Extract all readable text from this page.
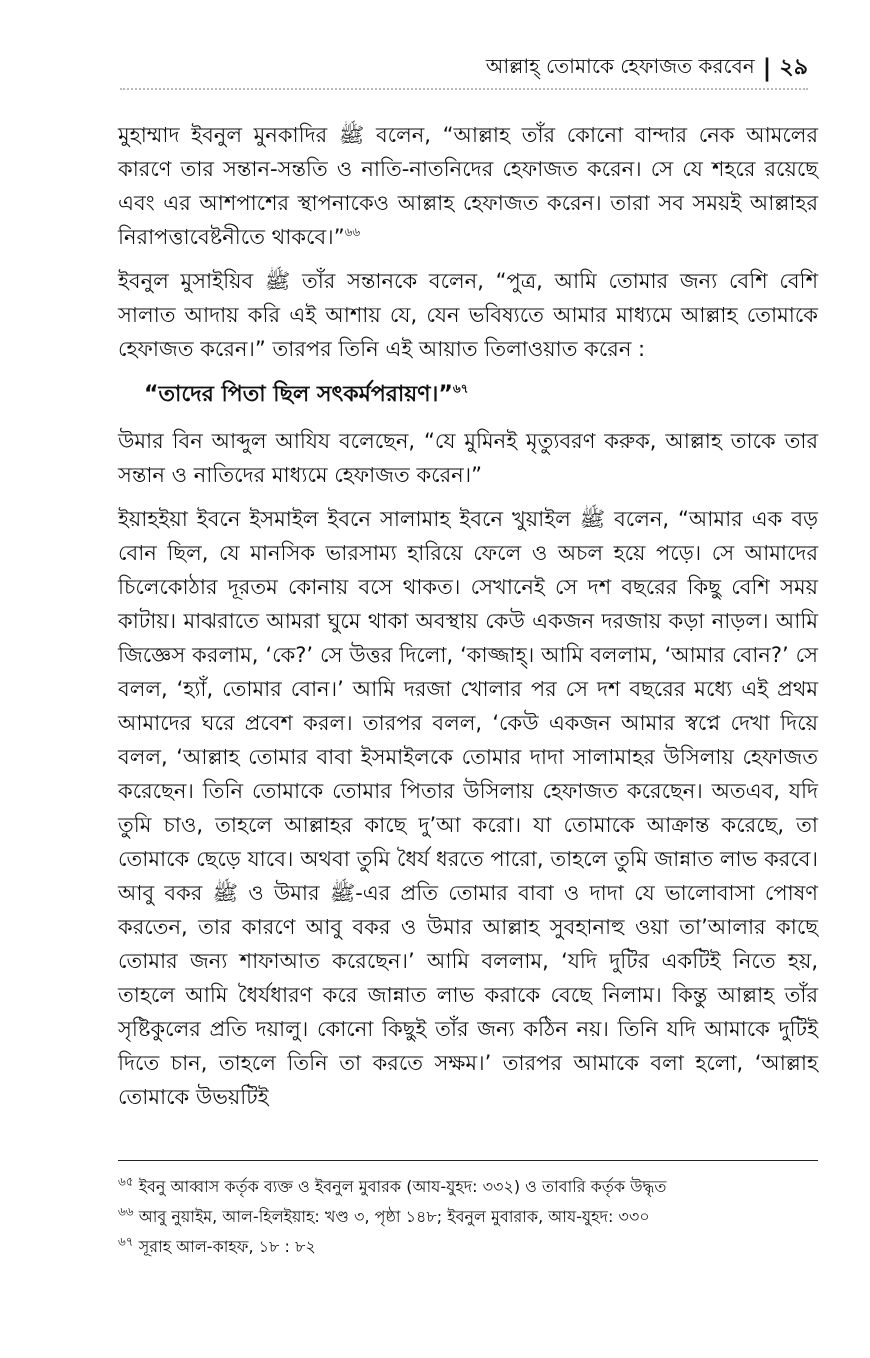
আল্লাহ্ তোমাকে হেফাজত করবেন | ২৯

মুহাম্মাদ ইবনুল মুনকাদির ﷺ বলেন, “আল্লাহ তাঁর কোনো বান্দার নেক আমলের কারণে তার সন্তান-সন্ততি ও নাতি-নাতনিদের হেফাজত করেন। সে যে শহরে রয়েছে এবং এর আশপাশের স্থাপনাকেও আল্লাহ হেফাজত করেন। তারা সব সময়ই আল্লাহর নিরাপত্তাবেষ্টনীতে থাকবে।”$^{৬৬}$

ইবনুল মুসাইয়িব ﷺ তাঁর সন্তানকে বলেন, “পুত্র, আমি তোমার জন্য বেশি বেশি সালাত আদায় করি এই আশায় যে, যেন ভবিষ্যতে আমার মাধ্যমে আল্লাহ তোমাকে হেফাজত করেন।” তারপর তিনি এই আয়াত তিলাওয়াত করেন :

“তাদের পিতা ছিল সৎকর্মপরায়ণ।”$^{৬৭}$

উমার বিন আব্দুল আযিয বলেছেন, “যে মুমিনই মৃত্যুবরণ করুক, আল্লাহ তাকে তার সন্তান ও নাতিদের মাধ্যমে হেফাজত করেন।”

ইয়াহইয়া ইবনে ইসমাইল ইবনে সালামাহ ইবনে খুয়াইল ﷺ বলেন, “আমার এক বড় বোন ছিল, যে মানসিক ভারসাম্য হারিয়ে ফেলে ও অচল হয়ে পড়ে। সে আমাদের চিলেকোঠার দূরতম কোনায় বসে থাকত। সেখানেই সে দশ বছরের কিছু বেশি সময় কাটায়। মাঝরাতে আমরা ঘুমে থাকা অবস্থায় কেউ একজন দরজায় কড়া নাড়ল। আমি জিজ্ঞেস করলাম, ‘কে?’ সে উত্তর দিলো, ‘কাজ্জাহ্‌। আমি বললাম, ‘আমার বোন?’ সে বলল, ‘হ্যাঁ, তোমার বোন।’ আমি দরজা খোলার পর সে দশ বছরের মধ্যে এই প্রথম আমাদের ঘরে প্রবেশ করল। তারপর বলল, ‘কেউ একজন আমার স্বপ্নে দেখা দিয়ে বলল, ‘আল্লাহ তোমার বাবা ইসমাইলকে তোমার দাদা সালামাহর উসিলায় হেফাজত করেছেন। তিনি তোমাকে তোমার পিতার উসিলায় হেফাজত করেছেন। অতএব, যদি তুমি চাও, তাহলে আল্লাহর কাছে দু’আ করো। যা তোমাকে আক্রান্ত করেছে, তা তোমাকে ছেড়ে যাবে। অথবা তুমি ধৈর্য ধরতে পারো, তাহলে তুমি জান্নাত লাভ করবে। আবু বকর ﷺ ও উমার ﷺ-এর প্রতি তোমার বাবা ও দাদা যে ভালোবাসা পোষণ করতেন, তার কারণে আবু বকর ও উমার আল্লাহ সুবহানাহু ওয়া তা’আলার কাছে তোমার জন্য শাফাআত করেছেন।’ আমি বললাম, ‘যদি দুটির একটিই নিতে হয়, তাহলে আমি ধৈর্যধারণ করে জান্নাত লাভ করাকে বেছে নিলাম। কিন্তু আল্লাহ তাঁর সৃষ্টিকুলের প্রতি দয়ালু। কোনো কিছুই তাঁর জন্য কঠিন নয়। তিনি যদি আমাকে দুটিই দিতে চান, তাহলে তিনি তা করতে সক্ষম।’ তারপর আমাকে বলা হলো, ‘আল্লাহ তোমাকে উভয়টিই

$^{৬৫}$ ইবনু আব্বাস কর্তৃক ব্যক্ত ও ইবনুল মুবারক (আয-যুহদ: ৩৩২) ও তাবারি কর্তৃক উদ্ধৃত
$^{৬৬}$ আবু নুয়াইম, আল-হিলইয়াহ: খণ্ড ৩, পৃষ্ঠা ১৪৮; ইবনুল মুবারাক, আয-যুহদ: ৩৩০
$^{৬৭}$ সূরাহ আল-কাহফ, ১৮ : ৮২
